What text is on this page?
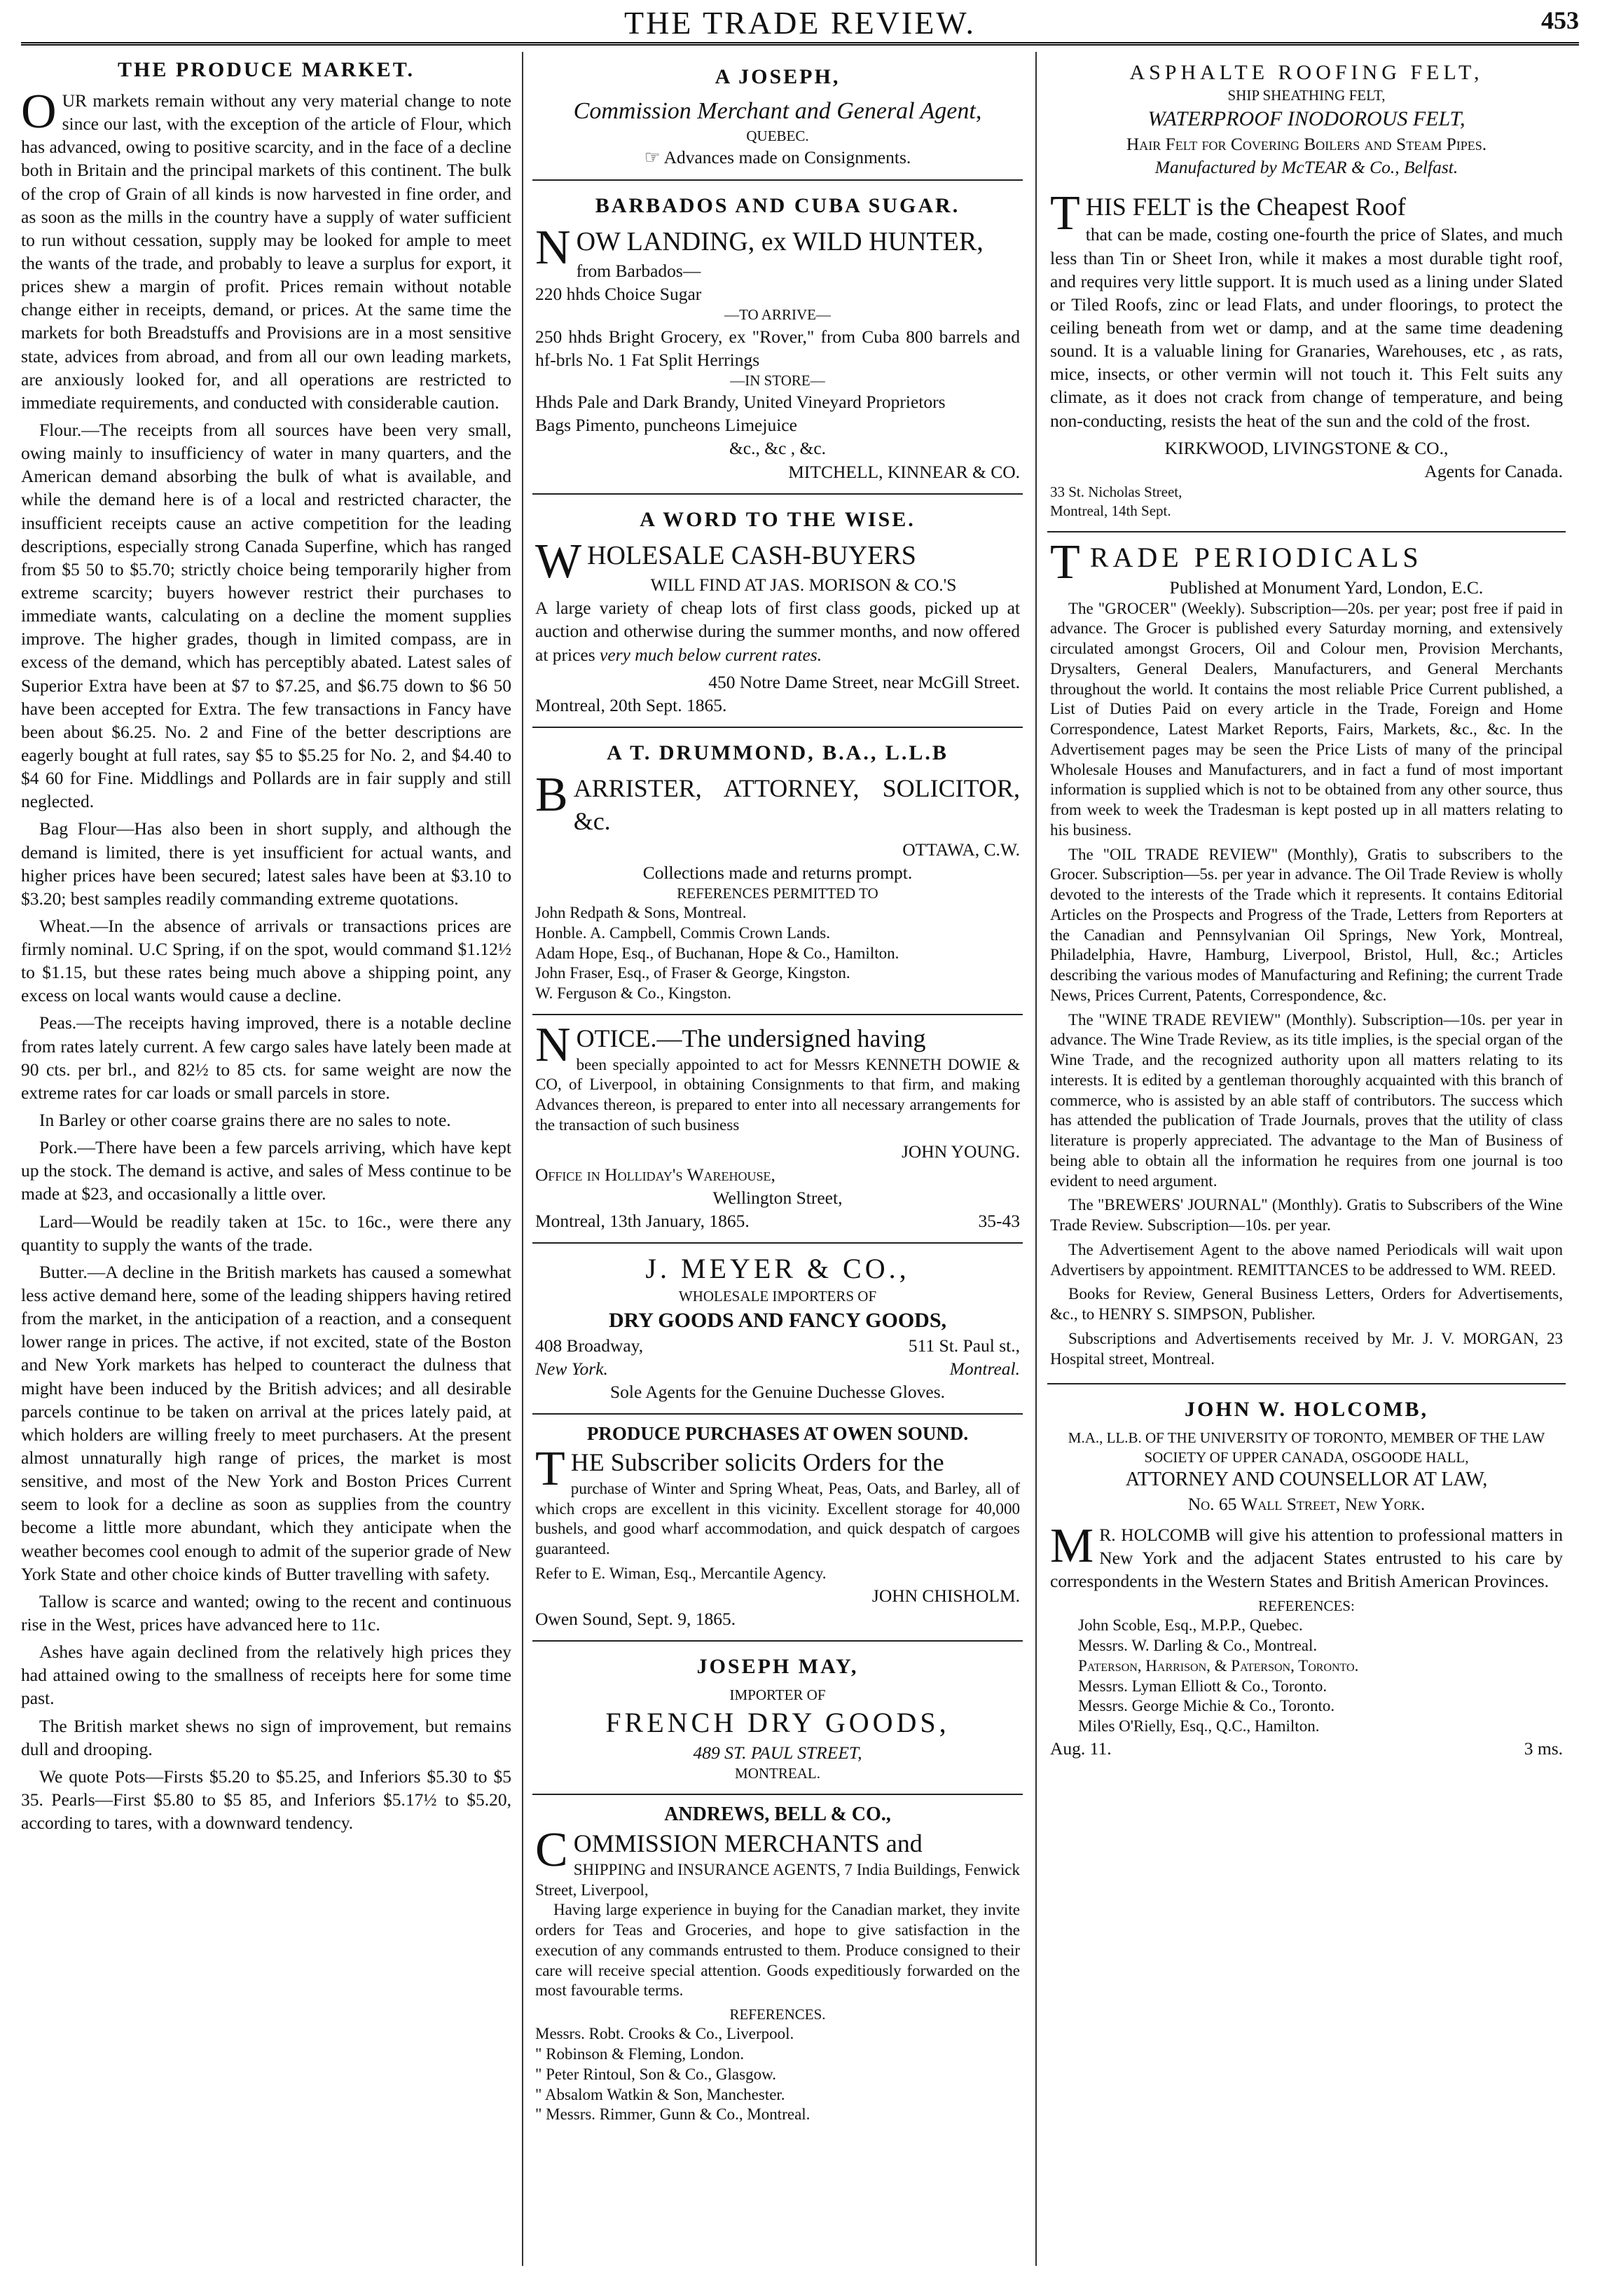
THE TRADE REVIEW.	453
THE PRODUCE MARKET.

OUR markets remain without any very material change to note since our last, with the exception of the article of Flour, which has advanced, owing to positive scarcity, and in the face of a decline both in Britain and the principal markets of this continent. The bulk of the crop of Grain of all kinds is now harvested in fine order, and as soon as the mills in the country have a supply of water sufficient to run without cessation, supply may be looked for ample to meet the wants of the trade, and probably to leave a surplus for export, it prices shew a margin of profit. Prices remain without notable change either in receipts, demand, or prices. At the same time the markets for both Breadstuffs and Provisions are in a most sensitive state, advices from abroad, and from all our own leading markets, are anxiously looked for, and all operations are restricted to immediate requirements, and conducted with considerable caution.

Flour.—The receipts from all sources have been very small, owing mainly to insufficiency of water in many quarters, and the American demand absorbing the bulk of what is available, and while the demand here is of a local and restricted character, the insufficient receipts cause an active competition for the leading descriptions, especially strong Canada Superfine, which has ranged from $5 50 to $5.70; strictly choice being temporarily higher from extreme scarcity; buyers however restrict their purchases to immediate wants, calculating on a decline the moment supplies improve. The higher grades, though in limited compass, are in excess of the demand, which has perceptibly abated. Latest sales of Superior Extra have been at $7 to $7.25, and $6.75 down to $6 50 have been accepted for Extra. The few transactions in Fancy have been about $6.25. No. 2 and Fine of the better descriptions are eagerly bought at full rates, say $5 to $5.25 for No. 2, and $4.40 to $4 60 for Fine. Middlings and Pollards are in fair supply and still neglected.

Bag Flour—Has also been in short supply, and although the demand is limited, there is yet insufficient for actual wants, and higher prices have been secured; latest sales have been at $3.10 to $3.20; best samples readily commanding extreme quotations.

Wheat.—In the absence of arrivals or transactions prices are firmly nominal. U.C Spring, if on the spot, would command $1.12½ to $1.15, but these rates being much above a shipping point, any excess on local wants would cause a decline.

Peas.—The receipts having improved, there is a notable decline from rates lately current. A few cargo sales have lately been made at 90 cts. per brl., and 82½ to 85 cts. for same weight are now the extreme rates for car loads or small parcels in store.

In Barley or other coarse grains there are no sales to note.

Pork.—There have been a few parcels arriving, which have kept up the stock. The demand is active, and sales of Mess continue to be made at $23, and occasionally a little over.

Lard—Would be readily taken at 15c. to 16c., were there any quantity to supply the wants of the trade.

Butter.—A decline in the British markets has caused a somewhat less active demand here, some of the leading shippers having retired from the market, in the anticipation of a reaction, and a consequent lower range in prices. The active, if not excited, state of the Boston and New York markets has helped to counteract the dulness that might have been induced by the British advices; and all desirable parcels continue to be taken on arrival at the prices lately paid, at which holders are willing freely to meet purchasers. At the present almost unnaturally high range of prices, the market is most sensitive, and most of the New York and Boston Prices Current seem to look for a decline as soon as supplies from the country become a little more abundant, which they anticipate when the weather becomes cool enough to admit of the superior grade of New York State and other choice kinds of Butter travelling with safety.

Tallow is scarce and wanted; owing to the recent and continuous rise in the West, prices have advanced here to 11c.

Ashes have again declined from the relatively high prices they had attained owing to the smallness of receipts here for some time past.

The British market shews no sign of improvement, but remains dull and drooping.

We quote Pots—Firsts $5.20 to $5.25, and Inferiors $5.30 to $5 35. Pearls—First $5.80 to $5 85, and Inferiors $5.17½ to $5.20, according to tares, with a downward tendency.

A JOSEPH,
Commission Merchant and General Agent,
QUEBEC.
☞ Advances made on Consignments.
BARBADOS AND CUBA SUGAR.
NOW LANDING, ex WILD HUNTER,
from Barbados—
220 hhds Choice Sugar
—TO ARRIVE—
250 hhds Bright Grocery, ex "Rover," from Cuba 800 barrels and hf-brls No. 1 Fat Split Herrings
—IN STORE—
Hhds Pale and Dark Brandy, United Vineyard Proprietors
Bags Pimento, puncheons Limejuice
&c., &c , &c.
MITCHELL, KINNEAR & CO.
A WORD TO THE WISE.
WHOLESALE CASH-BUYERS
WILL FIND AT JAS. MORISON & CO.'S

A large variety of cheap lots of first class goods, picked up at auction and otherwise during the summer months, and now offered at prices very much below current rates.

450 Notre Dame Street, near McGill Street.
Montreal, 20th Sept. 1865.
A T. DRUMMOND, B.A., L.L.B
BARRISTER, ATTORNEY, SOLICITOR, &c.
OTTAWA, C.W.
Collections made and returns prompt.
REFERENCES PERMITTED TO
John Redpath & Sons, Montreal.
Honble. A. Campbell, Commis Crown Lands.
Adam Hope, Esq., of Buchanan, Hope & Co., Hamilton.
John Fraser, Esq., of Fraser & George, Kingston.
W. Ferguson & Co., Kingston.
NOTICE.—The undersigned having

been specially appointed to act for Messrs KENNETH DOWIE & CO, of Liverpool, in obtaining Consignments to that firm, and making Advances thereon, is prepared to enter into all necessary arrangements for the transaction of such business

JOHN YOUNG.
Office in Holliday's Warehouse,
Wellington Street,
Montreal, 13th January, 1865.	35-43
J. MEYER & CO.,
WHOLESALE IMPORTERS OF
DRY GOODS AND FANCY GOODS,
408 Broadway,	511 St. Paul st.,
New York.	Montreal.
Sole Agents for the Genuine Duchesse Gloves.
PRODUCE PURCHASES AT OWEN SOUND.
THE Subscriber solicits Orders for the

purchase of Winter and Spring Wheat, Peas, Oats, and Barley, all of which crops are excellent in this vicinity. Excellent storage for 40,000 bushels, and good wharf accommodation, and quick despatch of cargoes guaranteed.

Refer to E. Wiman, Esq., Mercantile Agency.
JOHN CHISHOLM.
Owen Sound, Sept. 9, 1865.
JOSEPH MAY,
IMPORTER OF
FRENCH DRY GOODS,
489 ST. PAUL STREET,
MONTREAL.
ANDREWS, BELL & CO.,
COMMISSION MERCHANTS and
SHIPPING and INSURANCE AGENTS, 7 India Buildings, Fenwick Street, Liverpool,

Having large experience in buying for the Canadian market, they invite orders for Teas and Groceries, and hope to give satisfaction in the execution of any commands entrusted to them. Produce consigned to their care will receive special attention. Goods expeditiously forwarded on the most favourable terms.

REFERENCES.
Messrs. Robt. Crooks & Co., Liverpool.
" Robinson & Fleming, London.
" Peter Rintoul, Son & Co., Glasgow.
" Absalom Watkin & Son, Manchester.
" Messrs. Rimmer, Gunn & Co., Montreal.
ASPHALTE ROOFING FELT,
SHIP SHEATHING FELT,
WATERPROOF INODOROUS FELT,
Hair Felt for Covering Boilers and Steam Pipes.
Manufactured by McTEAR & Co., Belfast.
THIS FELT is the Cheapest Roof

that can be made, costing one-fourth the price of Slates, and much less than Tin or Sheet Iron, while it makes a most durable tight roof, and requires very little support. It is much used as a lining under Slated or Tiled Roofs, zinc or lead Flats, and under floorings, to protect the ceiling beneath from wet or damp, and at the same time deadening sound. It is a valuable lining for Granaries, Warehouses, etc , as rats, mice, insects, or other vermin will not touch it. This Felt suits any climate, as it does not crack from change of temperature, and being non-conducting, resists the heat of the sun and the cold of the frost.

KIRKWOOD, LIVINGSTONE & CO.,
Agents for Canada.
33 St. Nicholas Street,
Montreal, 14th Sept.
TRADE PERIODICALS
Published at Monument Yard, London, E.C.

The "GROCER" (Weekly). Subscription—20s. per year; post free if paid in advance. The Grocer is published every Saturday morning, and extensively circulated amongst Grocers, Oil and Colour men, Provision Merchants, Drysalters, General Dealers, Manufacturers, and General Merchants throughout the world. It contains the most reliable Price Current published, a List of Duties Paid on every article in the Trade, Foreign and Home Correspondence, Latest Market Reports, Fairs, Markets, &c., &c. In the Advertisement pages may be seen the Price Lists of many of the principal Wholesale Houses and Manufacturers, and in fact a fund of most important information is supplied which is not to be obtained from any other source, thus from week to week the Tradesman is kept posted up in all matters relating to his business.

The "OIL TRADE REVIEW" (Monthly), Gratis to subscribers to the Grocer. Subscription—5s. per year in advance. The Oil Trade Review is wholly devoted to the interests of the Trade which it represents. It contains Editorial Articles on the Prospects and Progress of the Trade, Letters from Reporters at the Canadian and Pennsylvanian Oil Springs, New York, Montreal, Philadelphia, Havre, Hamburg, Liverpool, Bristol, Hull, &c.; Articles describing the various modes of Manufacturing and Refining; the current Trade News, Prices Current, Patents, Correspondence, &c.

The "WINE TRADE REVIEW" (Monthly). Subscription—10s. per year in advance. The Wine Trade Review, as its title implies, is the special organ of the Wine Trade, and the recognized authority upon all matters relating to its interests. It is edited by a gentleman thoroughly acquainted with this branch of commerce, who is assisted by an able staff of contributors. The success which has attended the publication of Trade Journals, proves that the utility of class literature is properly appreciated. The advantage to the Man of Business of being able to obtain all the information he requires from one journal is too evident to need argument.

The "BREWERS' JOURNAL" (Monthly). Gratis to Subscribers of the Wine Trade Review. Subscription—10s. per year.

The Advertisement Agent to the above named Periodicals will wait upon Advertisers by appointment. REMITTANCES to be addressed to WM. REED.

Books for Review, General Business Letters, Orders for Advertisements, &c., to HENRY S. SIMPSON, Publisher.

Subscriptions and Advertisements received by Mr. J. V. MORGAN, 23 Hospital street, Montreal.

JOHN W. HOLCOMB,
M.A., LL.B. OF THE UNIVERSITY OF TORONTO, MEMBER OF THE LAW SOCIETY OF UPPER CANADA, OSGOODE HALL,
ATTORNEY AND COUNSELLOR AT LAW,
No. 65 Wall Street, New York.

M R. HOLCOMB will give his attention to professional matters in New York and the adjacent States entrusted to his care by correspondents in the Western States and British American Provinces.

REFERENCES:
John Scoble, Esq., M.P.P., Quebec.
Messrs. W. Darling & Co., Montreal.
Paterson, Harrison, & Paterson, Toronto.
Messrs. Lyman Elliott & Co., Toronto.
Messrs. George Michie & Co., Toronto.
Miles O'Rielly, Esq., Q.C., Hamilton.
Aug. 11.	3 ms.
